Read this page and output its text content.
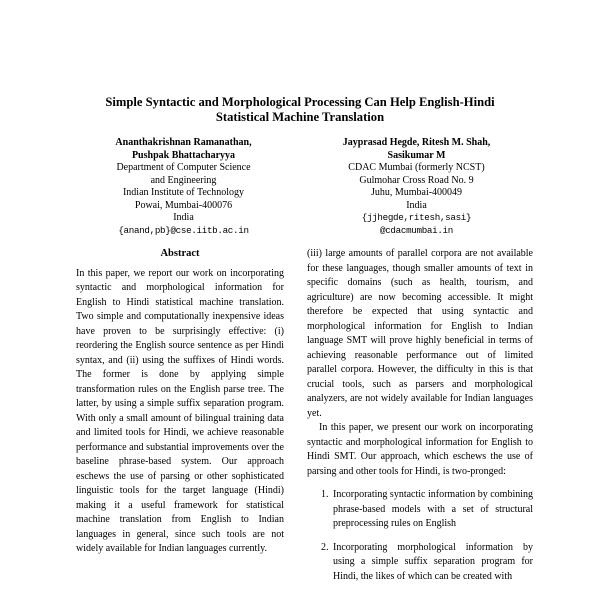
Simple Syntactic and Morphological Processing Can Help English-Hindi
Statistical Machine Translation
Ananthakrishnan Ramanathan,
Pushpak Bhattacharyya
Department of Computer Science
and Engineering
Indian Institute of Technology
Powai, Mumbai-400076
India
{anand,pb}@cse.iitb.ac.in
Jayprasad Hegde, Ritesh M. Shah,
Sasikumar M
CDAC Mumbai (formerly NCST)
Gulmohar Cross Road No. 9
Juhu, Mumbai-400049
India
{jjhegde,ritesh,sasi}
@cdacmumbai.in
Abstract

In this paper, we report our work on incorporating syntactic and morphological information for English to Hindi statistical machine translation. Two simple and computationally inexpensive ideas have proven to be surprisingly effective: (i) reordering the English source sentence as per Hindi syntax, and (ii) using the suffixes of Hindi words. The former is done by applying simple transformation rules on the English parse tree. The latter, by using a simple suffix separation program. With only a small amount of bilingual training data and limited tools for Hindi, we achieve reasonable performance and substantial improvements over the baseline phrase-based system. Our approach eschews the use of parsing or other sophisticated linguistic tools for the target language (Hindi) making it a useful framework for statistical machine translation from English to Indian languages in general, since such tools are not widely available for Indian languages currently.

(iii) large amounts of parallel corpora are not available for these languages, though smaller amounts of text in specific domains (such as health, tourism, and agriculture) are now becoming accessible. It might therefore be expected that using syntactic and morphological information for English to Indian language SMT will prove highly beneficial in terms of achieving reasonable performance out of limited parallel corpora. However, the difficulty in this is that crucial tools, such as parsers and morphological analyzers, are not widely available for Indian languages yet.

In this paper, we present our work on incorporating syntactic and morphological information for English to Hindi SMT. Our approach, which eschews the use of parsing and other tools for Hindi, is two-pronged:

1. Incorporating syntactic information by combining phrase-based models with a set of structural preprocessing rules on English
2. Incorporating morphological information by using a simple suffix separation program for Hindi, the likes of which can be created with
